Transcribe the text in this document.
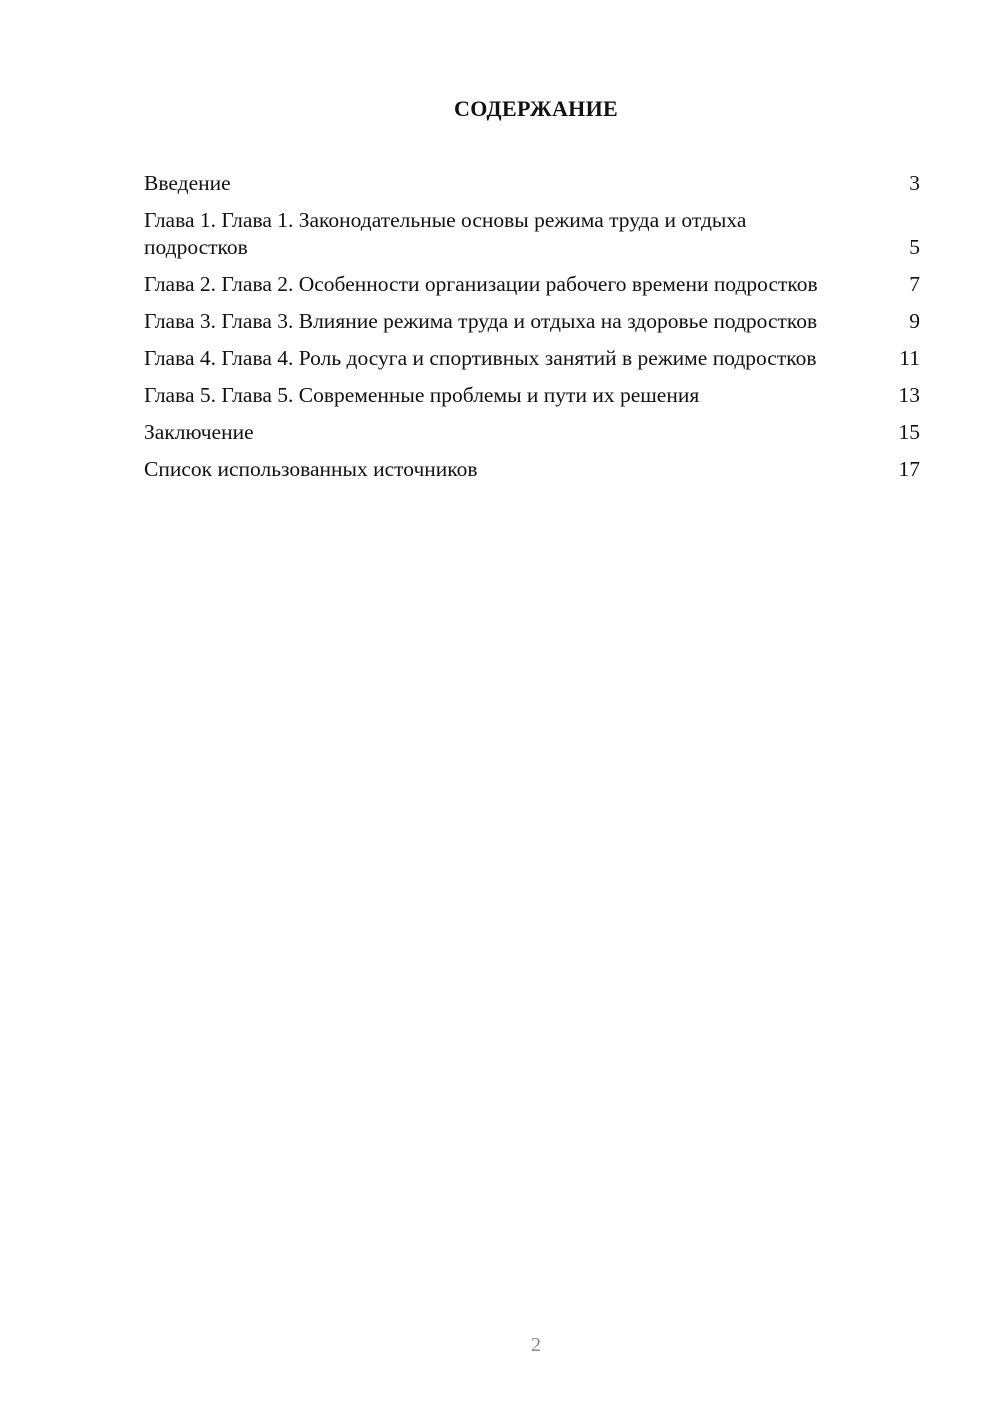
СОДЕРЖАНИЕ
Введение	3
Глава 1. Глава 1. Законодательные основы режима труда и отдыха подростков	5
Глава 2. Глава 2. Особенности организации рабочего времени подростков	7
Глава 3. Глава 3. Влияние режима труда и отдыха на здоровье подростков	9
Глава 4. Глава 4. Роль досуга и спортивных занятий в режиме подростков	11
Глава 5. Глава 5. Современные проблемы и пути их решения	13
Заключение	15
Список использованных источников	17
2
